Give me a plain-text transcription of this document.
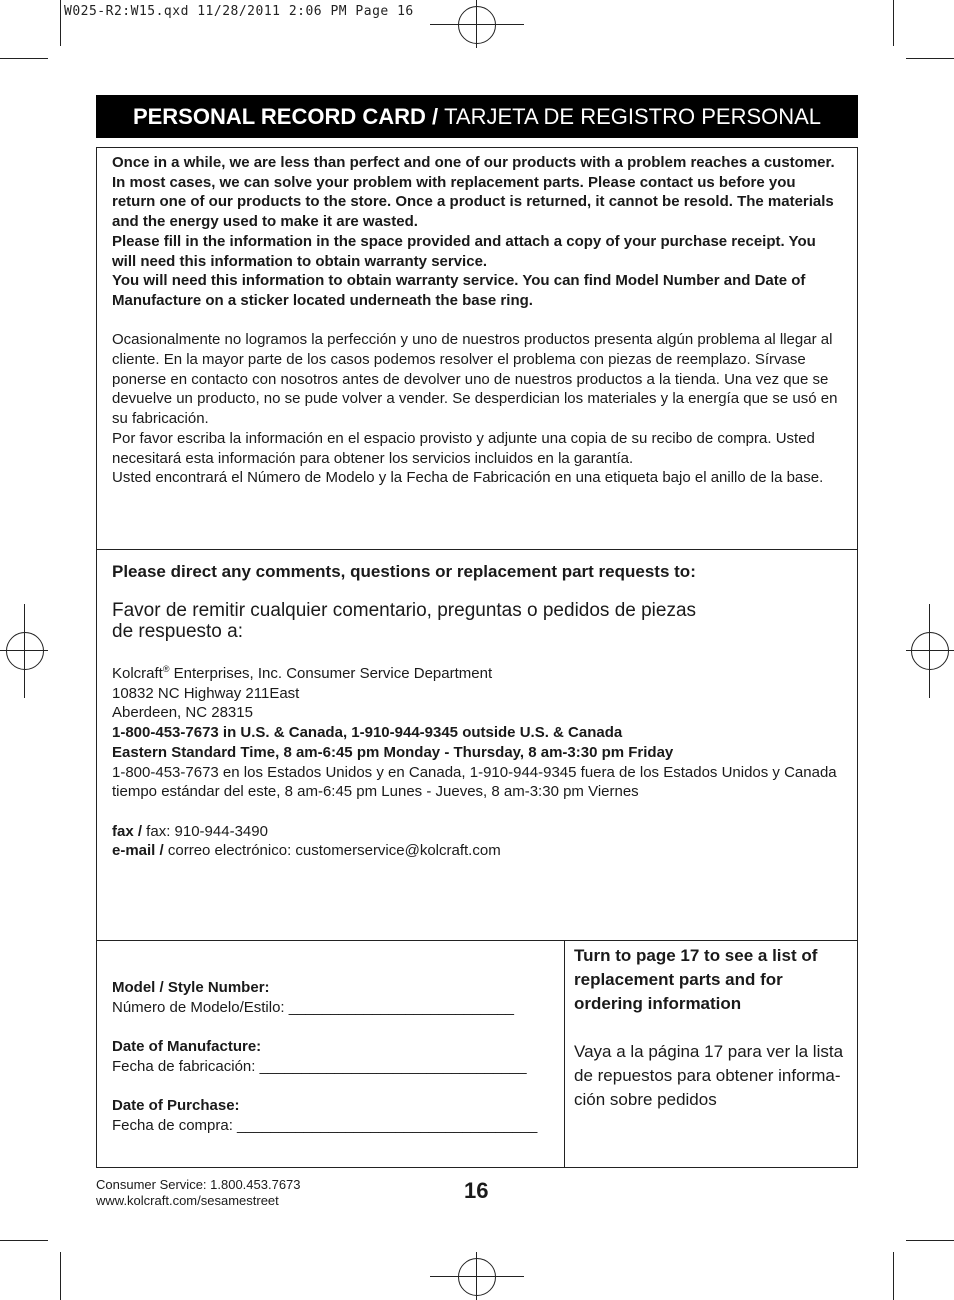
W025-R2:W15.qxd 11/28/2011 2:06 PM Page 16
PERSONAL RECORD CARD / TARJETA DE REGISTRO PERSONAL

Once in a while, we are less than perfect and one of our products with a problem reaches a customer. In most cases, we can solve your problem with replacement parts. Please contact us before you return one of our products to the store. Once a product is returned, it cannot be resold. The materials and the energy used to make it are wasted.

Please fill in the information in the space provided and attach a copy of your purchase receipt. You will need this information to obtain warranty service.

You will need this information to obtain warranty service. You can find Model Number and Date of Manufacture on a sticker located underneath the base ring.

Ocasionalmente no logramos la perfección y uno de nuestros productos presenta algún problema al llegar al cliente. En la mayor parte de los casos podemos resolver el problema con piezas de reemplazo. Sírvase ponerse en contacto con nosotros antes de devolver uno de nuestros productos a la tienda. Una vez que se devuelve un producto, no se pude volver a vender. Se desperdician los materiales y la energía que se usó en su fabricación.

Por favor escriba la información en el espacio provisto y adjunte una copia de su recibo de compra. Usted necesitará esta información para obtener los servicios incluidos en la garantía.

Usted encontrará el Número de Modelo y la Fecha de Fabricación en una etiqueta bajo el anillo de la base.

Please direct any comments, questions or replacement part requests to:

Favor de remitir cualquier comentario, preguntas o pedidos de piezas de respuesto a:

Kolcraft® Enterprises, Inc. Consumer Service Department

10832 NC Highway 211East

Aberdeen, NC 28315

1-800-453-7673 in U.S. & Canada, 1-910-944-9345 outside U.S. & Canada

Eastern Standard Time, 8 am-6:45 pm Monday - Thursday, 8 am-3:30 pm Friday

1-800-453-7673 en los Estados Unidos y en Canada, 1-910-944-9345 fuera de los Estados Unidos y Canada

tiempo estándar del este, 8 am-6:45 pm Lunes - Jueves, 8 am-3:30 pm Viernes

fax / fax: 910-944-3490

e-mail / correo electrónico: customerservice@kolcraft.com

Model / Style Number:

Número de Modelo/Estilo: ___________________________

Date of Manufacture:

Fecha de fabricación: ________________________________

Date of Purchase:

Fecha de compra: ____________________________________

Turn to page 17 to see a list of replacement parts and for ordering information

Vaya a la página 17 para ver la lista de repuestos para obtener informa-ción sobre pedidos

Consumer Service: 1.800.453.7673
www.kolcraft.com/sesamestreet	16
